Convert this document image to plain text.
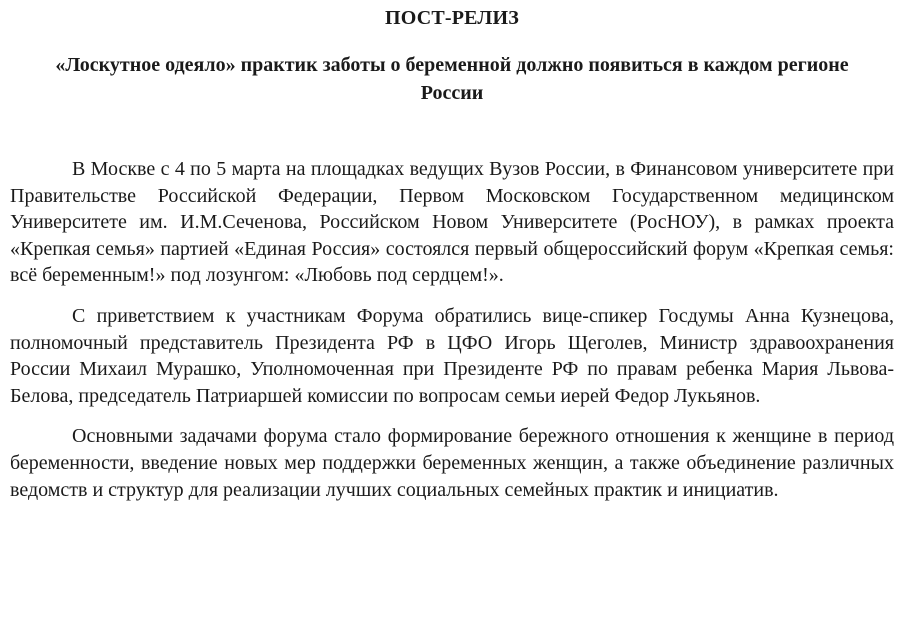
ПОСТ-РЕЛИЗ
«Лоскутное одеяло» практик заботы о беременной должно появиться в каждом регионе России

В Москве с 4 по 5 марта на площадках ведущих Вузов России, в Финансовом университете при Правительстве Российской Федерации, Первом Московском Государственном медицинском Университете им. И.М.Сеченова, Российском Новом Университете (РосНОУ), в рамках проекта «Крепкая семья» партией «Единая Россия» состоялся первый общероссийский форум «Крепкая семья: всё беременным!» под лозунгом: «Любовь под сердцем!».

С приветствием к участникам Форума обратились вице-спикер Госдумы Анна Кузнецова, полномочный представитель Президента РФ в ЦФО Игорь Щеголев, Министр здравоохранения России Михаил Мурашко, Уполномоченная при Президенте РФ по правам ребенка Мария Львова-Белова, председатель Патриаршей комиссии по вопросам семьи иерей Федор Лукьянов.

Основными задачами форума стало формирование бережного отношения к женщине в период беременности, введение новых мер поддержки беременных женщин, а также объединение различных ведомств и структур для реализации лучших социальных семейных практик и инициатив.
